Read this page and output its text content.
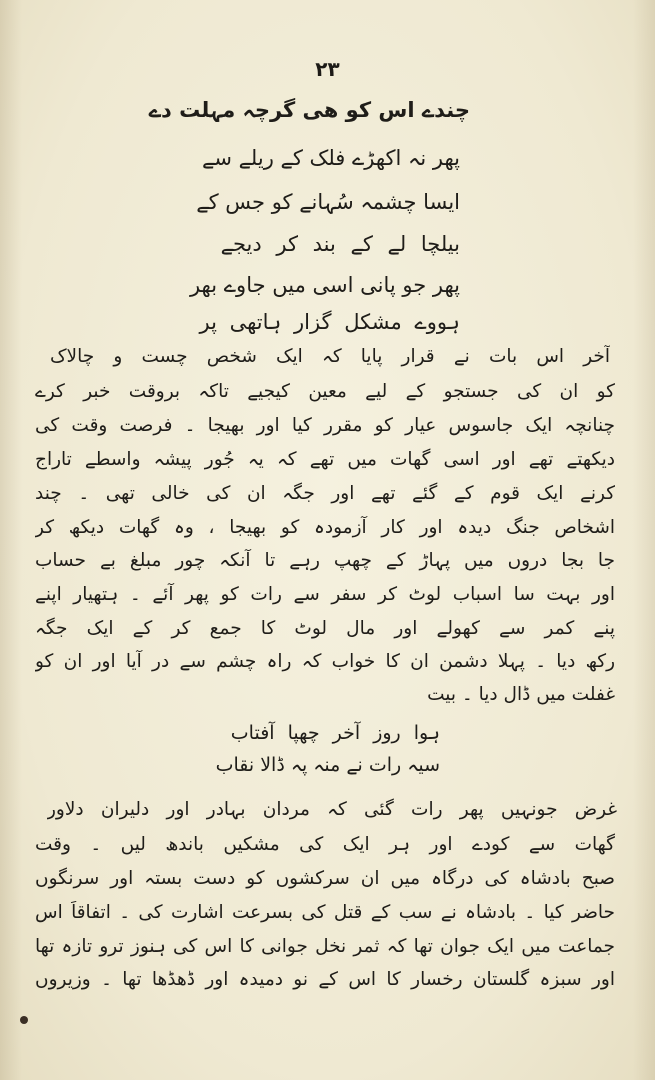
۲۳
چندے اس کو ھی گرچہ مہلت دے
پھر نہ اکھڑے فلک کے ریلے سے
ایسا چشمہ سُہانے کو جس کے
بیلچا لے کے بند کر دیجے
پھر جو پانی اسی میں جاوے بھر
ہووے مشکل گزار ہاتھی پر
آخر اس بات نے قرار پایا کہ ایک شخص چست و چالاک
کو ان کی جستجو کے لیے معین کیجیے تاکہ بروقت خبر کرے
چنانچہ ایک جاسوس عیار کو مقرر کیا اور بھیجا ۔ فرصت وقت کی
دیکھتے تھے اور اسی گھات میں تھے کہ یہ جُور پیشہ واسطے تاراج
کرنے ایک قوم کے گئے تھے اور جگہ ان کی خالی تھی ۔ چند
اشخاص جنگ دیدہ اور کار آزمودہ کو بھیجا ، وہ گھات دیکھ کر
جا بجا دروں میں پہاڑ کے چھپ رہے تا آنکہ چور مبلغ بے حساب
اور بہت سا اسباب لوٹ کر سفر سے رات کو پھر آئے ۔ ہتھیار اپنے
پنے کمر سے کھولے اور مال لوٹ کا جمع کر کے ایک جگہ
رکھ دیا ۔ پہلا دشمن ان کا خواب کہ راہ چشم سے در آیا اور ان کو
غفلت میں ڈال دیا ۔ بیت
ہوا روز آخر چھپا آفتاب
سیہ رات نے منہ پہ ڈالا نقاب
غرض جونہیں پھر رات گئی کہ مردان بہادر اور دلیران دلاور
گھات سے کودے اور ہر ایک کی مشکیں باندھ لیں ۔ وقت
صبح بادشاہ کی درگاہ میں ان سرکشوں کو دست بستہ اور سرنگوں
حاضر کیا ۔ بادشاہ نے سب کے قتل کی بسرعت اشارت کی ۔ اتفاقاً اس
جماعت میں ایک جوان تھا کہ ثمر نخل جوانی کا اس کی ہنوز ترو تازہ تھا
اور سبزہ گلستان رخسار کا اس کے نو دمیدہ اور ڈھڈھا تھا ۔ وزیروں
